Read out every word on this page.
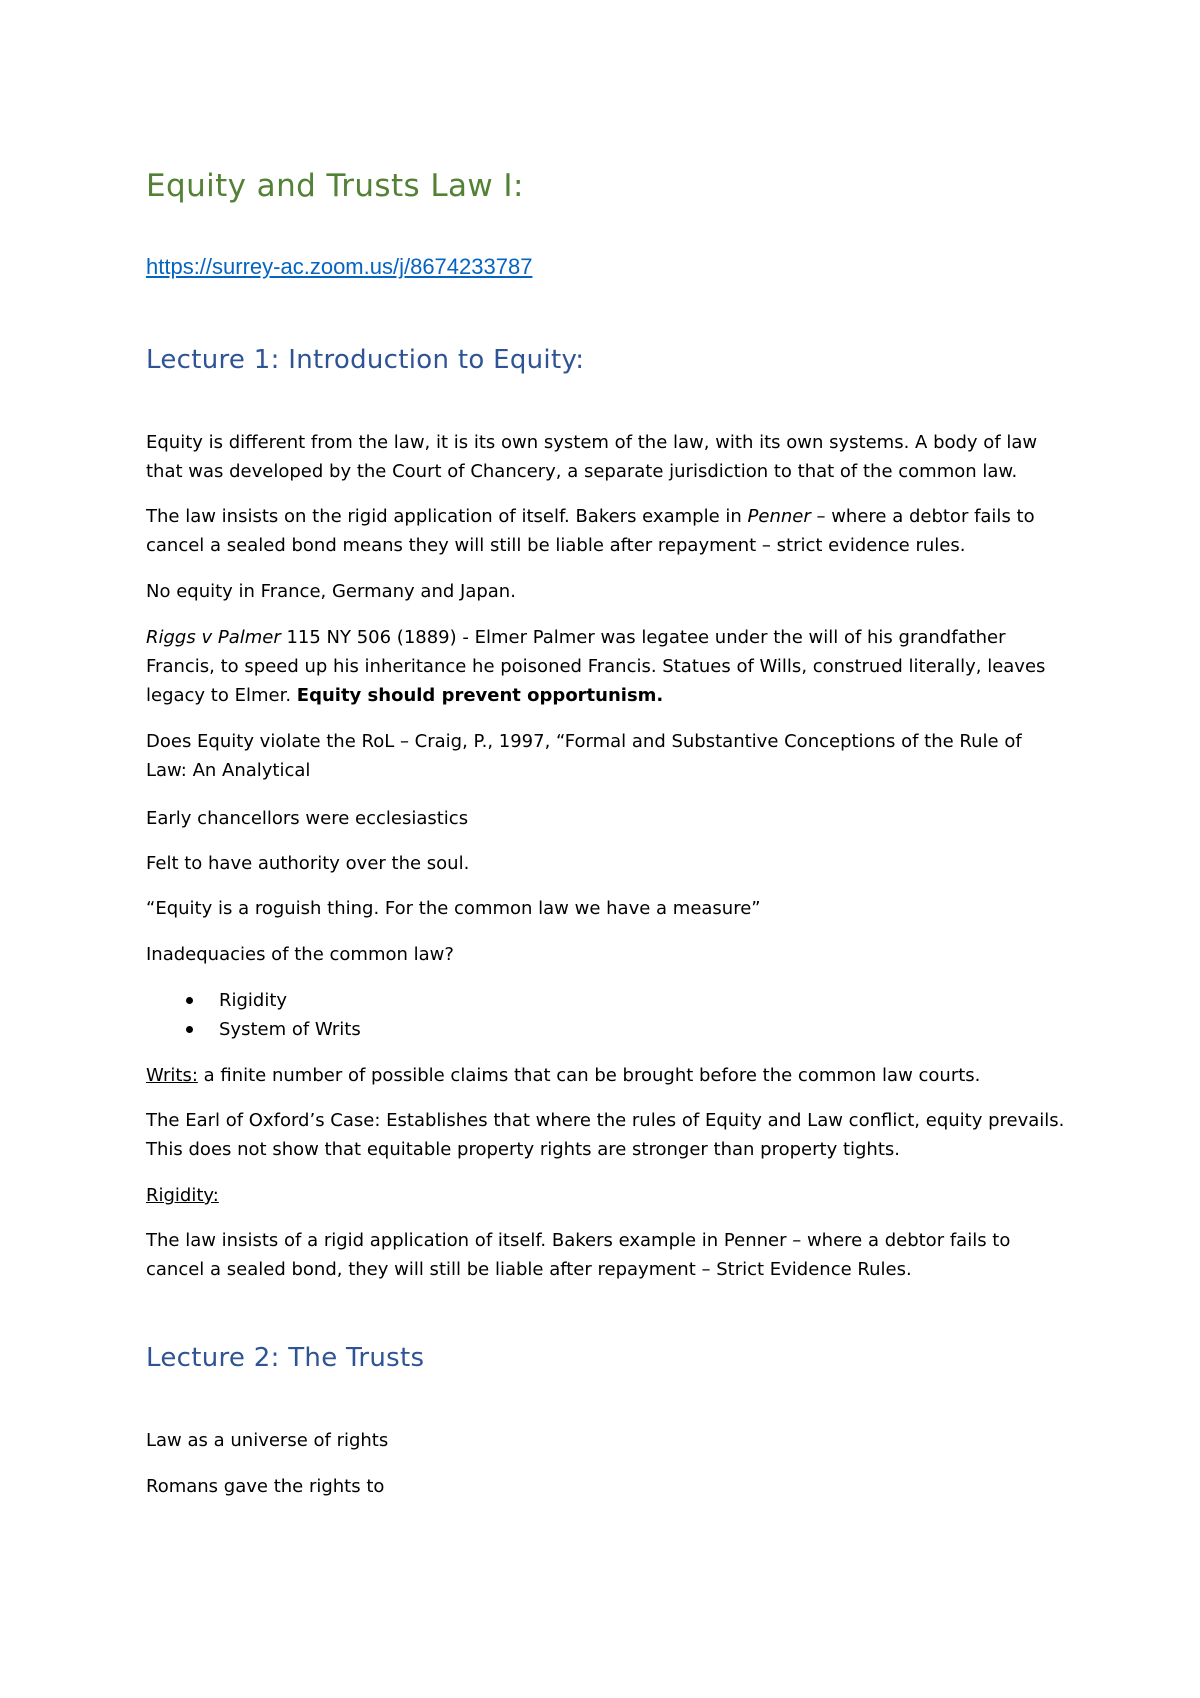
Equity and Trusts Law I:
https://surrey-ac.zoom.us/j/8674233787
Lecture 1: Introduction to Equity:

Equity is different from the law, it is its own system of the law, with its own systems. A body of law
that was developed by the Court of Chancery, a separate jurisdiction to that of the common law.

The law insists on the rigid application of itself. Bakers example in Penner – where a debtor fails to
cancel a sealed bond means they will still be liable after repayment – strict evidence rules.

No equity in France, Germany and Japan.

Riggs v Palmer 115 NY 506 (1889) - Elmer Palmer was legatee under the will of his grandfather
Francis, to speed up his inheritance he poisoned Francis. Statues of Wills, construed literally, leaves
legacy to Elmer. Equity should prevent opportunism.

Does Equity violate the RoL – Craig, P., 1997, “Formal and Substantive Conceptions of the Rule of
Law: An Analytical

Early chancellors were ecclesiastics

Felt to have authority over the soul.

“Equity is a roguish thing. For the common law we have a measure”

Inadequacies of the common law?

Rigidity
System of Writs

Writs: a finite number of possible claims that can be brought before the common law courts.

The Earl of Oxford’s Case: Establishes that where the rules of Equity and Law conflict, equity prevails.
This does not show that equitable property rights are stronger than property tights.

Rigidity:

The law insists of a rigid application of itself. Bakers example in Penner – where a debtor fails to
cancel a sealed bond, they will still be liable after repayment – Strict Evidence Rules.

Lecture 2: The Trusts

Law as a universe of rights

Romans gave the rights to
